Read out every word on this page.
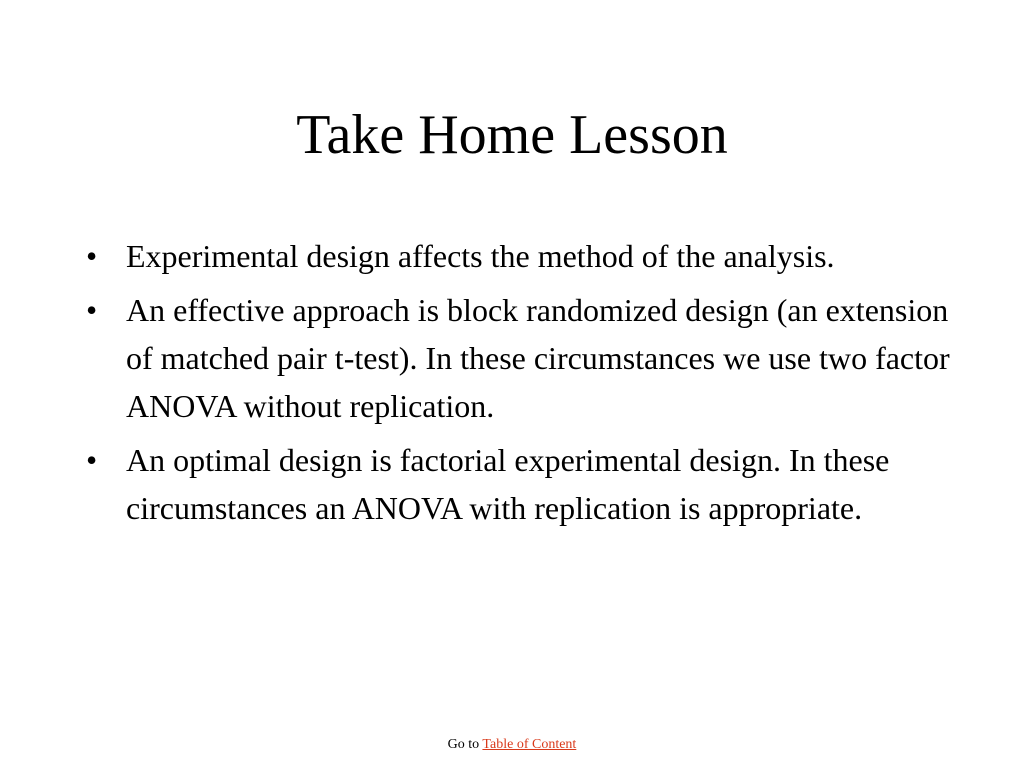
Take Home Lesson
• Experimental design affects the method of the analysis.
• An effective approach is block randomized design (an extension of matched pair t-test). In these circumstances we use two factor ANOVA without replication.
• An optimal design is factorial experimental design. In these circumstances an ANOVA with replication is appropriate.
Go to Table of Content
